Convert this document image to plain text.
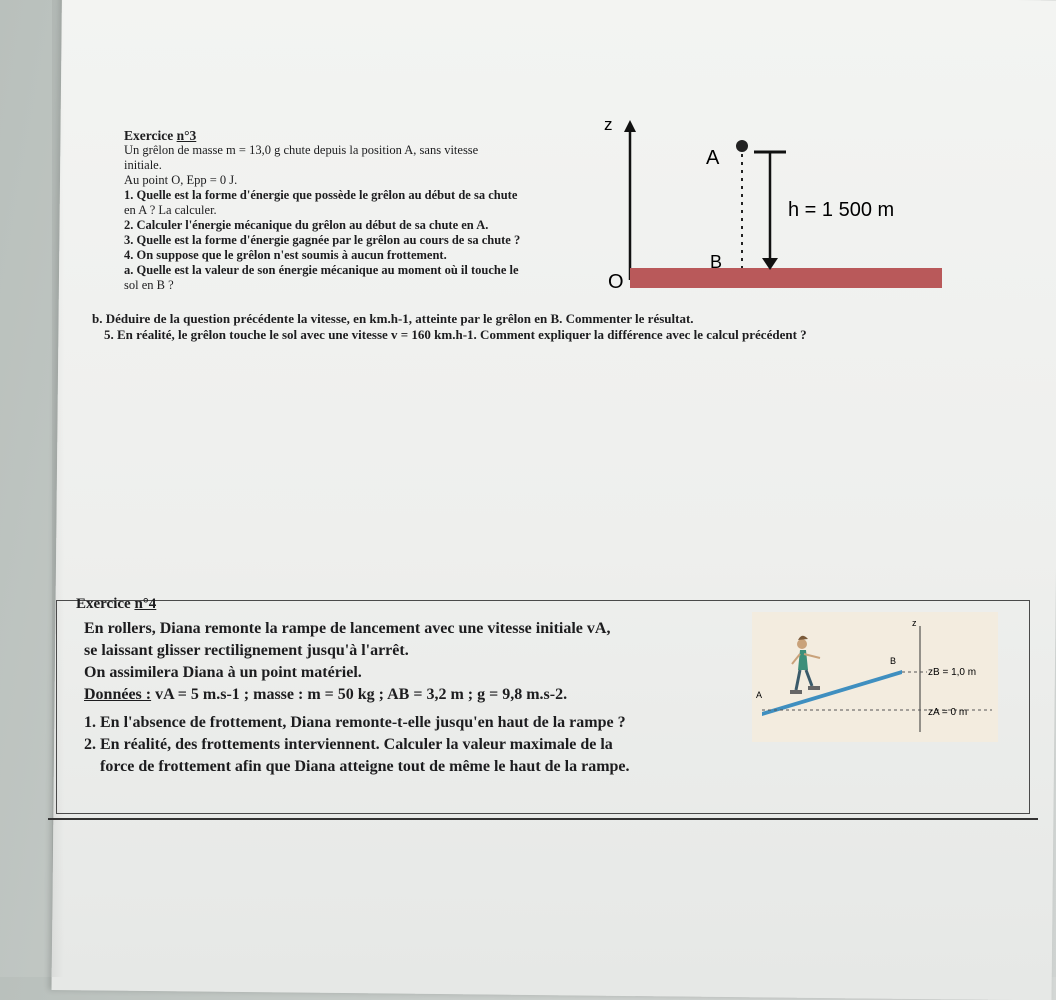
Exercice n°3

Un grêlon de masse m = 13,0 g chute depuis la position A, sans vitesse

initiale.

Au point O, Epp = 0 J.

1. Quelle est la forme d'énergie que possède le grêlon au début de sa chute

en A ? La calculer.

2. Calculer l'énergie mécanique du grêlon au début de sa chute en A.

3. Quelle est la forme d'énergie gagnée par le grêlon au cours de sa chute ?

4. On suppose que le grêlon n'est soumis à aucun frottement.

a. Quelle est la valeur de son énergie mécanique au moment où il touche le

sol en B ?

b. Déduire de la question précédente la vitesse, en km.h-1, atteinte par le grêlon en B. Commenter le résultat.
5. En réalité, le grêlon touche le sol avec une vitesse v = 160 km.h-1. Comment expliquer la différence avec le calcul précédent ?
z
O
A
B
h = 1 500 m
Exercice n°4

En rollers, Diana remonte la rampe de lancement avec une vitesse initiale vA,

se laissant glisser rectilignement jusqu'à l'arrêt.

On assimilera Diana à un point matériel.

Données : vA = 5 m.s-1 ; masse : m = 50 kg ; AB = 3,2 m ; g = 9,8 m.s-2.

1. En l'absence de frottement, Diana remonte-t-elle jusqu'en haut de la rampe ?

2. En réalité, des frottements interviennent. Calculer la valeur maximale de la

force de frottement afin que Diana atteigne tout de même le haut de la rampe.

z
A
B
zB = 1,0 m
zA = 0 m
